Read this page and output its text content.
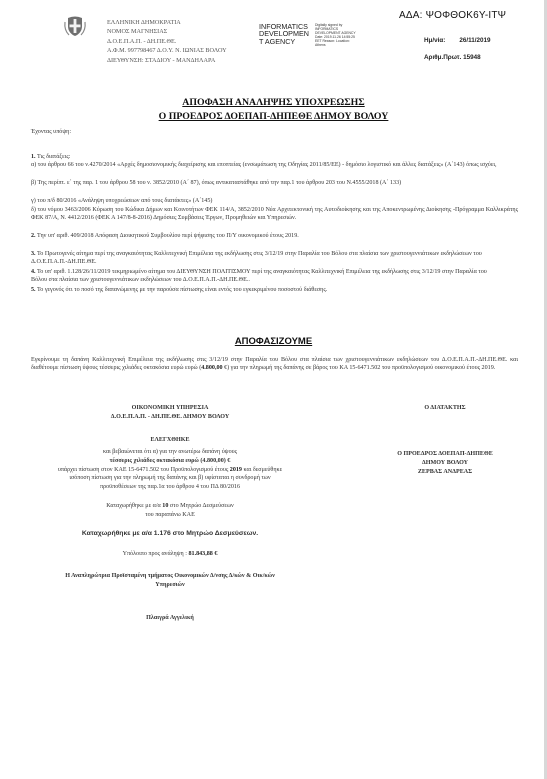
ΕΛΛΗΝΙΚΗ ΔΗΜΟΚΡΑΤΙΑ
ΝΟΜΟΣ ΜΑΓΝΗΣΙΑΣ
Δ.Ο.Ε.Π.Α.Π. - ΔΗ.ΠΕ.ΘΕ.
Α.Φ.Μ. 997798467 Δ.Ο.Υ. Ν. ΙΩΝΙΑΣ ΒΟΛΟΥ
ΔΙΕΥΘΥΝΣΗ: ΣΤΑΔΙΟΥ - ΜΑΝΔΗΛΑΡΑ
INFORMATICS DEVELOPMEN T AGENCY
Digitally signed by INFORMATICS DEVELOPMENT AGENCY Date: 2019.11.26 14:55:25 EET Reason: Location: Athens
ΑΔΑ: ΨΟΦΘΟΚ6Υ-ΙΤΨ
Ημ/νία: 26/11/2019
Αριθμ.Πρωτ. 15948
ΑΠΟΦΑΣΗ ΑΝΑΛΗΨΗΣ ΥΠΟΧΡΕΩΣΗΣ
Ο ΠΡΟΕΔΡΟΣ ΔΟΕΠΑΠ-ΔΗΠΕΘΕ ΔΗΜΟΥ ΒΟΛΟΥ
Έχοντας υπόψη:
1. Τις διατάξεις:
α) του άρθρου 66 του ν.4270/2014 «Αρχές δημοσιονομικής διαχείρισης και εποπτείας (ενσωμάτωση της Οδηγίας 2011/85/ΕΕ) - δημόσιο λογιστικό και άλλες διατάξεις» (Α΄143) όπως ισχύει,
β) Της περίπτ. ε΄ της παρ. 1 του άρθρου 58 του ν. 3852/2010 (Α΄ 87), όπως αντικαταστάθηκε από την παρ.1 του άρθρου 203 του Ν.4555/2018 (Α΄ 133)
γ) του π/δ 80/2016 «Ανάληψη υποχρεώσεων από τους διατάκτες» (Α΄145)
δ) του νόμου 3463/2006 Κύρωση του Κώδικα Δήμων και Κοινοτήτων ΦΕΚ 114/Α, 3852/2010 Νέα Αρχιτεκτονική της Αυτοδιοίκησης και της Αποκεντρωμένης Διοίκησης -Πρόγραμμα Καλλικράτης ΦΕΚ 87/Α, Ν. 4412/2016 (ΦΕΚ Α 147/8-8-2016) Δημόσιες Συμβάσεις Έργων, Προμηθειών και Υπηρεσιών.
2. Την υπ' αριθ. 409/2018 Απόφαση Διοικητικού Συμβουλίου περί ψήφισης του Π/Υ οικονομικού έτους 2019.
3. Το Πρωτογενές αίτημα περί της αναγκαιότητας Καλλιτεχνική Επιμέλεια της εκδήλωσης στις 3/12/19 στην Παραλία του Βόλου στα πλαίσια των χριστουγεννιάτικων εκδηλώσεων του Δ.Ο.Ε.Π.Α.Π.-ΔΗ.ΠΕ.ΘΕ.
4. Το υπ' αριθ. 1.128/26/11/2019 τεκμηριωμένο αίτημα του ΔΙΕΥΘΥΝΣΗ ΠΟΛΙΤΙΣΜΟΥ περί της αναγκαιότητας Καλλιτεχνική Επιμέλεια της εκδήλωσης στις 3/12/19 στην Παραλία του Βόλου στα πλαίσια των χριστουγεννιάτικων εκδηλώσεων του Δ.Ο.Ε.Π.Α.Π.-ΔΗ.ΠΕ.ΘΕ..
5. Το γεγονός ότι το ποσό της δαπανώμενης με την παρούσα πίστωσης είναι εντός του εγκεκριμένου ποσοστού διάθεσης.
ΑΠΟΦΑΣΙΖΟΥΜΕ
Εγκρίνουμε τη δαπάνη Καλλιτεχνική Επιμέλεια της εκδήλωσης στις 3/12/19 στην Παραλία του Βόλου στα πλαίσια των χριστουγεννιάτικων εκδηλώσεων του Δ.Ο.Ε.Π.Α.Π.-ΔΗ.ΠΕ.ΘΕ. και διαθέτουμε πίστωση ύψους τέσσερις χιλιάδες οκτακόσια ευρώ ευρώ (4.800,00 €) για την πληρωμή της δαπάνης σε βάρος του ΚΑ 15-6471.502 του προϋπολογισμού οικονομικού έτους 2019.
ΟΙΚΟΝΟΜΙΚΗ ΥΠΗΡΕΣΙΑ
Δ.Ο.Ε.Π.Α.Π. - ΔΗ.ΠΕ.ΘΕ. ΔΗΜΟΥ ΒΟΛΟΥ
ΕΛΕΓΧΘΗΚΕ
και βεβαιώνεται ότι α) για την ανωτέρω δαπάνη ύψους
τέσσερις χιλιάδες οκτακόσια ευρώ (4.800,00) €
υπάρχει πίστωση στον ΚΑΕ 15-6471.502 του Προϋπολογισμού έτους 2019 και δεσμεύθηκε
ισόποση πίστωση για την πληρωμή της δαπάνης και β) υφίσταται η συνδρομή των
προϋποθέσεων της παρ.1α του άρθρου 4 του ΠΔ 80/2016
Καταχωρήθηκε με α/α 10 στο Μητρώο Δεσμεύσεων
του παραπάνω ΚΑΕ
Καταχωρήθηκε με α/α 1.176 στο Μητρώο Δεσμεύσεων.
Υπόλοιπο προς ανάληψη : 81.843,88 €
Η Αναπληρώτρια Προϊσταμένη τμήματος Οικονομικών Δ/νσης Δ/κών & Οικ/κών
Υπηρεσιών
Πλαιγρά Αγγελική
Ο ΔΙΑΤΑΚΤΗΣ
Ο ΠΡΟΕΔΡΟΣ ΔΟΕΠΑΠ-ΔΗΠΕΘΕ
ΔΗΜΟΥ ΒΟΛΟΥ
ΖΕΡΒΑΣ ΑΝΔΡΕΑΣ
